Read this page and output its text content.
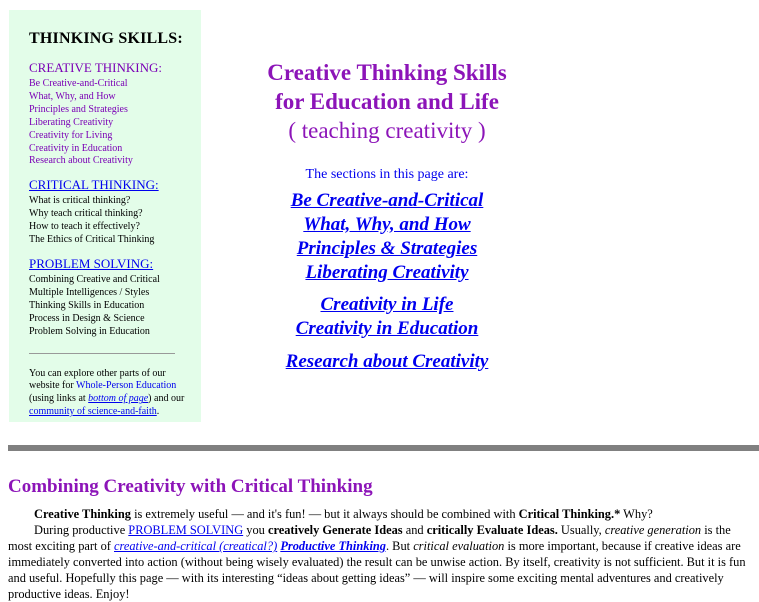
THINKING SKILLS:
CREATIVE THINKING:
Be Creative-and-Critical
What, Why, and How
Principles and Strategies
Liberating Creativity
Creativity for Living
Creativity in Education
Research about Creativity
CRITICAL THINKING:
What is critical thinking?
Why teach critical thinking?
How to teach it effectively?
The Ethics of Critical Thinking
PROBLEM SOLVING:
Combining Creative and Critical
Multiple Intelligences / Styles
Thinking Skills in Education
Process in Design & Science
Problem Solving in Education
You can explore other parts of our website for Whole-Person Education (using links at bottom of page) and our community of science-and-faith.
Creative Thinking Skills
for Education and Life
( teaching creativity )
The sections in this page are:
Be Creative-and-Critical
What, Why, and How
Principles & Strategies
Liberating Creativity
Creativity in Life
Creativity in Education
Research about Creativity
Combining Creativity with Critical Thinking

Creative Thinking is extremely useful — and it's fun! — but it always should be combined with Critical Thinking.* Why?

During productive PROBLEM SOLVING you creatively Generate Ideas and critically Evaluate Ideas. Usually, creative generation is the most exciting part of creative-and-critical (creatical?) Productive Thinking. But critical evaluation is more important, because if creative ideas are immediately converted into action (without being wisely evaluated) the result can be unwise action. By itself, creativity is not sufficient. But it is fun and useful. Hopefully this page — with its interesting “ideas about getting ideas” — will inspire some exciting mental adventures and creatively productive ideas. Enjoy!
